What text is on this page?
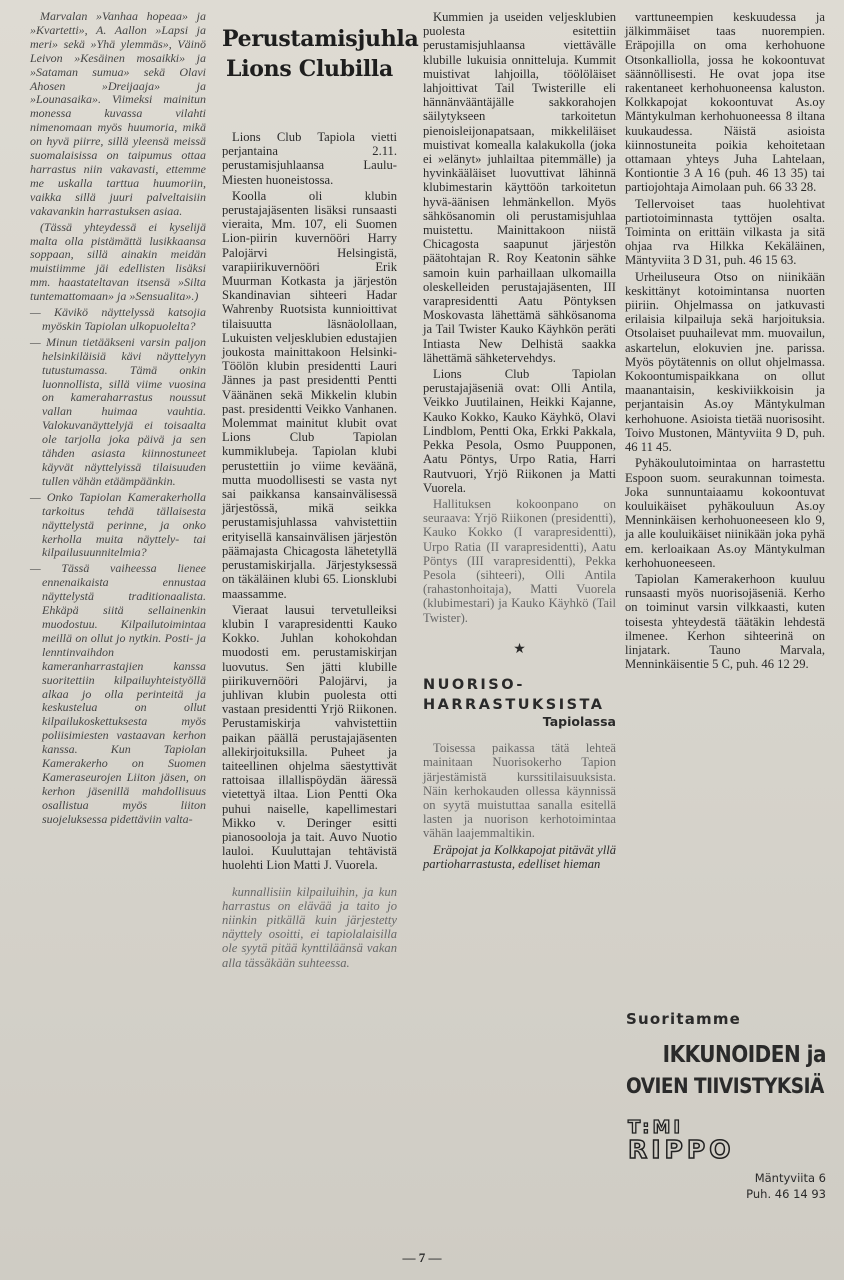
Marvalan »Vanhaa hopeaa» ja »Kvartetti», A. Aallon »Lapsi ja meri» sekä »Yhä ylemmäs», Väinö Leivon »Kesäinen mosaikki» ja »Sataman sumua» sekä Olavi Ahosen »Dreijaaja» ja »Lounasaika». Viimeksi mainitun monessa kuvassa vilahti nimenomaan myös huumoria, mikä on hyvä piirre, sillä yleensä meissä suomalaisissa on taipumus ottaa harrastus niin vakavasti, ettemme me uskalla tarttua huumoriin, vaikka sillä juuri palveltaisiin vakavankin harrastuksen asiaa.

(Tässä yhteydessä ei kyselijä malta olla pistämättä lusikkaansa soppaan, sillä ainakin meidän muistiimme jäi edellisten lisäksi mm. haastateltavan itsensä »Silta tuntemattomaan» ja »Sensualita».)

— Kävikö näyttelyssä katsojia myöskin Tapiolan ulkopuolelta?

— Minun tietääkseni varsin paljon helsinkiläisiä kävi näyttelyyn tutustumassa. Tämä onkin luonnollista, sillä viime vuosina on kameraharrastus noussut vallan huimaa vauhtia. Valokuvanäyttelyjä ei toisaalta ole tarjolla joka päivä ja sen tähden asiasta kiinnostuneet käyvät näyttelyissä tilaisuuden tullen vähän etäämpäänkin.

— Onko Tapiolan Kamerakerholla tarkoitus tehdä tällaisesta näyttelystä perinne, ja onko kerholla muita näyttely- tai kilpailusuunnitelmia?

— Tässä vaiheessa lienee ennenaikaista ennustaa näyttelystä traditionaalista. Ehkäpä siitä sellainenkin muodostuu. Kilpailutoimintaa meillä on ollut jo nytkin. Posti- ja lenntinvaihdon kameranharrastajien kanssa suoritettiin kilpailuyhteistyöllä alkaa jo olla perinteitä ja keskustelua on ollut kilpailukoskettuksesta myös poliisimiesten vastaavan kerhon kanssa. Kun Tapiolan Kamerakerho on Suomen Kameraseurojen Liiton jäsen, on kerhon jäsenillä mahdollisuus osallistua myös liiton suojeluksessa pidettäviin valta-

Perustamisjuhla Lions Clubilla

Lions Club Tapiola vietti perjantaina 2.11. perustamisjuhlaansa Laulu-Miesten huoneistossa.

Koolla oli klubin perustajajäsenten lisäksi runsaasti vieraita, Mm. 107, eli Suomen Lion-piirin kuvernööri Harry Palojärvi Helsingistä, varapiirikuvernööri Erik Muurman Kotkasta ja järjestön Skandinavian sihteeri Hadar Wahrenby Ruotsista kunnioittivat tilaisuutta läsnäolollaan, Lukuisten veljesklubien edustajien joukosta mainittakoon Helsinki-Töölön klubin presidentti Lauri Jännes ja past presidentti Pentti Väänänen sekä Mikkelin klubin past. presidentti Veikko Vanhanen. Molemmat mainitut klubit ovat Lions Club Tapiolan kummiklubeja. Tapiolan klubi perustettiin jo viime keväänä, mutta muodollisesti se vasta nyt sai paikkansa kansainvälisessä järjestössä, mikä seikka perustamisjuhlassa vahvistettiin erityisellä kansainvälisen järjestön päämajasta Chicagosta lähetetyllä perustamiskirjalla. Järjestyksessä on täkäläinen klubi 65. Lionsklubi maassamme.

Vieraat lausui tervetulleiksi klubin I varapresidentti Kauko Kokko. Juhlan kohokohdan muodosti em. perustamiskirjan luovutus. Sen jätti klubille piirikuvernööri Palojärvi, ja juhlivan klubin puolesta otti vastaan presidentti Yrjö Riikonen. Perustamiskirja vahvistettiin paikan päällä perustajajäsenten allekirjoituksilla. Puheet ja taiteellinen ohjelma säestyttivät rattoisaa illallispöydän ääressä vietettyä iltaa. Lion Pentti Oka puhui naiselle, kapellimestari Mikko v. Deringer esitti pianosooloja ja tait. Auvo Nuotio lauloi. Kuuluttajan tehtävistä huolehti Lion Matti J. Vuorela.

kunnallisiin kilpailuihin, ja kun harrastus on elävää ja taito jo niinkin pitkällä kuin järjestetty näyttely osoitti, ei tapiolalaisilla ole syytä pitää kynttiläänsä vakan alla tässäkään suhteessa.

Kummien ja useiden veljesklubien puolesta esitettiin perustamisjuhlaansa viettävälle klubille lukuisia onnitteluja. Kummit muistivat lahjoilla, töölöläiset lahjoittivat Tail Twisterille eli hännänvääntäjälle sakkorahojen säilytykseen tarkoitetun pienoisleijonapatsaan, mikkeliläiset muistivat komealla kalakukolla (joka ei »elänyt» juhlailtaa pitemmälle) ja hyvinkääläiset luovuttivat lähinnä klubimestarin käyttöön tarkoitetun hyvä-äänisen lehmänkellon. Myös sähkösanomin oli perustamisjuhlaa muistettu. Mainittakoon niistä Chicagosta saapunut järjestön päätohtajan R. Roy Keatonin sähke samoin kuin parhaillaan ulkomailla oleskelleiden perustajajäsenten, III varapresidentti Aatu Pöntyksen Moskovasta lähettämä sähkösanoma ja Tail Twister Kauko Käyhkön peräti Intiasta New Delhistä saakka lähettämä sähketervehdys.

Lions Club Tapiolan perustajajäseniä ovat: Olli Antila, Veikko Juutilainen, Heikki Kajanne, Kauko Kokko, Kauko Käyhkö, Olavi Lindblom, Pentti Oka, Erkki Pakkala, Pekka Pesola, Osmo Puupponen, Aatu Pöntys, Urpo Ratia, Harri Rautvuori, Yrjö Riikonen ja Matti Vuorela.

Hallituksen kokoonpano on seuraava: Yrjö Riikonen (presidentti), Kauko Kokko (I varapresidentti), Urpo Ratia (II varapresidentti), Aatu Pöntys (III varapresidentti), Pekka Pesola (sihteeri), Olli Antila (rahastonhoitaja), Matti Vuorela (klubimestari) ja Kauko Käyhkö (Tail Twister).

★
NUORISO-HARRASTUKSISTA
Tapiolassa

Toisessa paikassa tätä lehteä mainitaan Nuorisokerho Tapion järjestämistä kurssitilaisuuksista. Näin kerhokauden ollessa käynnissä on syytä muistuttaa sanalla esitellä lasten ja nuorison kerhotoimintaa vähän laajemmaltikin.

Eräpojat ja Kolkkapojat pitävät yllä partioharrastusta, edelliset hieman

varttuneempien keskuudessa ja jälkimmäiset taas nuorempien. Eräpojilla on oma kerhohuone Otsonkalliolla, jossa he kokoontuvat säännöllisesti. He ovat jopa itse rakentaneet kerhohuoneensa kaluston. Kolkkapojat kokoontuvat As.oy Mäntykulman kerhohuoneessa 8 iltana kuukaudessa. Näistä asioista kiinnostuneita poikia kehoitetaan ottamaan yhteys Juha Lahtelaan, Kontiontie 3 A 16 (puh. 46 13 35) tai partiojohtaja Aimolaan puh. 66 33 28.

Tellervoiset taas huolehtivat partiotoiminnasta tyttöjen osalta. Toiminta on erittäin vilkasta ja sitä ohjaa rva Hilkka Kekäläinen, Mäntyviita 3 D 31, puh. 46 15 63.

Urheiluseura Otso on niinikään keskittänyt kotoimintansa nuorten piiriin. Ohjelmassa on jatkuvasti erilaisia kilpailuja sekä harjoituksia. Otsolaiset puuhailevat mm. muovailun, askartelun, elokuvien jne. parissa. Myös pöytätennis on ollut ohjelmassa. Kokoontumispaikkana on ollut maanantaisin, keskiviikkoisin ja perjantaisin As.oy Mäntykulman kerhohuone. Asioista tietää nuorisosiht. Toivo Mustonen, Mäntyviita 9 D, puh. 46 11 45.

Pyhäkoulutoimintaa on harrastettu Espoon suom. seurakunnan toimesta. Joka sunnuntaiaamu kokoontuvat kouluikäiset pyhäkouluun As.oy Menninkäisen kerhohuoneeseen klo 9, ja alle kouluikäiset niinikään joka pyhä em. kerloaikaan As.oy Mäntykulman kerhohuoneeseen.

Tapiolan Kamerakerhoon kuuluu runsaasti myös nuorisojäseniä. Kerho on toiminut varsin vilkkaasti, kuten toisesta yhteydestä täätäkin lehdestä ilmenee. Kerhon sihteerinä on linjatark. Tauno Marvala, Menninkäisentie 5 C, puh. 46 12 29.

Suoritamme
IKKUNOIDEN ja
OVIEN TIIVISTYKSIÄ
T:MI
RIPPO
Mäntyviita 6
Puh. 46 14 93
— 7 —
